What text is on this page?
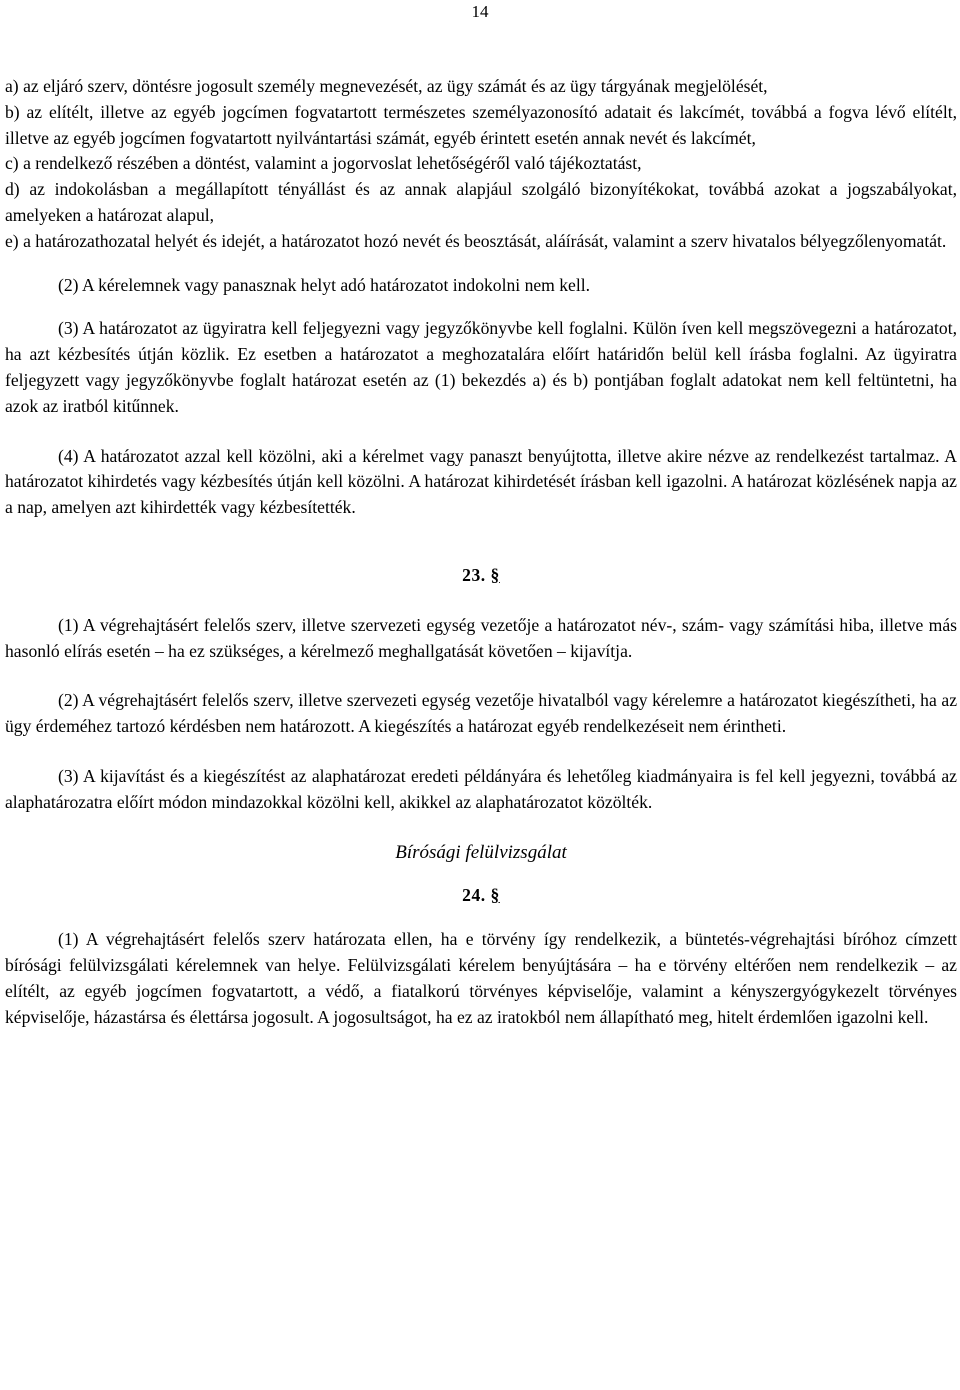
14

a) az eljáró szerv, döntésre jogosult személy megnevezését, az ügy számát és az ügy tárgyának megjelölését,

b) az elítélt, illetve az egyéb jogcímen fogvatartott természetes személyazonosító adatait és lakcímét, továbbá a fogva lévő elítélt, illetve az egyéb jogcímen fogvatartott nyilvántartási számát, egyéb érintett esetén annak nevét és lakcímét,

c) a rendelkező részében a döntést, valamint a jogorvoslat lehetőségéről való tájékoztatást,

d) az indokolásban a megállapított tényállást és az annak alapjául szolgáló bizonyítékokat, továbbá azokat a jogszabályokat, amelyeken a határozat alapul,

e) a határozathozatal helyét és idejét, a határozatot hozó nevét és beosztását, aláírását, valamint a szerv hivatalos bélyegzőlenyomatát.

(2) A kérelemnek vagy panasznak helyt adó határozatot indokolni nem kell.

(3) A határozatot az ügyiratra kell feljegyezni vagy jegyzőkönyvbe kell foglalni. Külön íven kell megszövegezni a határozatot, ha azt kézbesítés útján közlik. Ez esetben a határozatot a meghozatalára előírt határidőn belül kell írásba foglalni. Az ügyiratra feljegyzett vagy jegyzőkönyvbe foglalt határozat esetén az (1) bekezdés a) és b) pontjában foglalt adatokat nem kell feltüntetni, ha azok az iratból kitűnnek.

(4) A határozatot azzal kell közölni, aki a kérelmet vagy panaszt benyújtotta, illetve akire nézve az rendelkezést tartalmaz. A határozatot kihirdetés vagy kézbesítés útján kell közölni. A határozat kihirdetését írásban kell igazolni. A határozat közlésének napja az a nap, amelyen azt kihirdették vagy kézbesítették.

23. §

(1) A végrehajtásért felelős szerv, illetve szervezeti egység vezetője a határozatot név-, szám- vagy számítási hiba, illetve más hasonló elírás esetén – ha ez szükséges, a kérelmező meghallgatását követően – kijavítja.

(2) A végrehajtásért felelős szerv, illetve szervezeti egység vezetője hivatalból vagy kérelemre a határozatot kiegészítheti, ha az ügy érdeméhez tartozó kérdésben nem határozott. A kiegészítés a határozat egyéb rendelkezéseit nem érintheti.

(3) A kijavítást és a kiegészítést az alaphatározat eredeti példányára és lehetőleg kiadmányaira is fel kell jegyezni, továbbá az alaphatározatra előírt módon mindazokkal közölni kell, akikkel az alaphatározatot közölték.

Bírósági felülvizsgálat

24. §

(1) A végrehajtásért felelős szerv határozata ellen, ha e törvény így rendelkezik, a büntetés-végrehajtási bíróhoz címzett bírósági felülvizsgálati kérelemnek van helye. Felülvizsgálati kérelem benyújtására – ha e törvény eltérően nem rendelkezik – az elítélt, az egyéb jogcímen fogvatartott, a védő, a fiatalkorú törvényes képviselője, valamint a kényszergyógykezelt törvényes képviselője, házastársa és élettársa jogosult. A jogosultságot, ha ez az iratokból nem állapítható meg, hitelt érdemlően igazolni kell.
